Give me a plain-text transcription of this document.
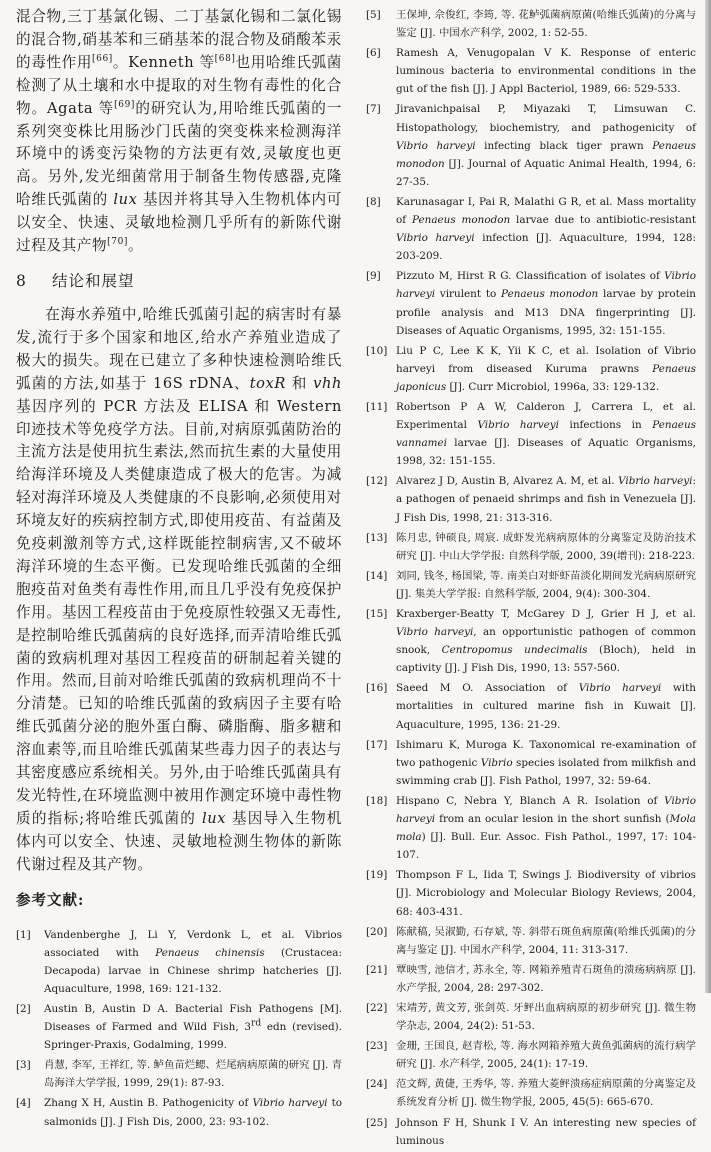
混合物,三丁基氯化锡、二丁基氯化锡和二氯化锡的混合物,硝基苯和三硝基苯的混合物及硝酸苯汞的毒性作用[66]。Kenneth 等[68]也用哈维氏弧菌检测了从土壤和水中提取的对生物有毒性的化合物。Agata 等[69]的研究认为,用哈维氏弧菌的一系列突变株比用肠沙门氏菌的突变株来检测海洋环境中的诱变污染物的方法更有效,灵敏度也更高。另外,发光细菌常用于制备生物传感器,克隆哈维氏弧菌的 lux 基因并将其导入生物机体内可以安全、快速、灵敏地检测几乎所有的新陈代谢过程及其产物[70]。

8 结论和展望

在海水养殖中,哈维氏弧菌引起的病害时有暴发,流行于多个国家和地区,给水产养殖业造成了极大的损失。现在已建立了多种快速检测哈维氏弧菌的方法,如基于 16S rDNA、toxR 和 vhh 基因序列的 PCR 方法及 ELISA 和 Western 印迹技术等免疫学方法。目前,对病原弧菌防治的主流方法是使用抗生素法,然而抗生素的大量使用给海洋环境及人类健康造成了极大的危害。为减轻对海洋环境及人类健康的不良影响,必须使用对环境友好的疾病控制方式,即使用疫苗、有益菌及免疫刺激剂等方式,这样既能控制病害,又不破坏海洋环境的生态平衡。已发现哈维氏弧菌的全细胞疫苗对鱼类有毒性作用,而且几乎没有免疫保护作用。基因工程疫苗由于免疫原性较强又无毒性,是控制哈维氏弧菌病的良好选择,而弄清哈维氏弧菌的致病机理对基因工程疫苗的研制起着关键的作用。然而,目前对哈维氏弧菌的致病机理尚不十分清楚。已知的哈维氏弧菌的致病因子主要有哈维氏弧菌分泌的胞外蛋白酶、磷脂酶、脂多糖和溶血素等,而且哈维氏弧菌某些毒力因子的表达与其密度感应系统相关。另外,由于哈维氏弧菌具有发光特性,在环境监测中被用作测定环境中毒性物质的指标;将哈维氏弧菌的 lux 基因导入生物机体内可以安全、快速、灵敏地检测生物体的新陈代谢过程及其产物。

参考文献:
[1]	Vandenberghe J, Li Y, Verdonk L, et al. Vibrios associated with Penaeus chinensis (Crustacea: Decapoda) larvae in Chinese shrimp hatcheries [J]. Aquaculture, 1998, 169: 121-132.
[2]	Austin B, Austin D A. Bacterial Fish Pathogens [M]. Diseases of Farmed and Wild Fish, 3rd edn (revised). Springer-Praxis, Godalming, 1999.
[3]	肖慧, 李军, 王祥红, 等. 鲈鱼苗烂鳃、烂尾病病原菌的研究 [J]. 青岛海洋大学学报, 1999, 29(1): 87-93.
[4]	Zhang X H, Austin B. Pathogenicity of Vibrio harveyi to salmonids [J]. J Fish Dis, 2000, 23: 93-102.
[5]	王保坤, 佘俊红, 李筠, 等. 花鲈弧菌病原菌(哈维氏弧菌)的分离与鉴定 [J]. 中国水产科学, 2002, 1: 52-55.
[6]	Ramesh A, Venugopalan V K. Response of enteric luminous bacteria to environmental conditions in the gut of the fish [J]. J Appl Bacteriol, 1989, 66: 529-533.
[7]	Jiravanichpaisal P, Miyazaki T, Limsuwan C. Histopathology, biochemistry, and pathogenicity of Vibrio harveyi infecting black tiger prawn Penaeus monodon [J]. Journal of Aquatic Animal Health, 1994, 6: 27-35.
[8]	Karunasagar I, Pai R, Malathi G R, et al. Mass mortality of Penaeus monodon larvae due to antibiotic-resistant Vibrio harveyi infection [J]. Aquaculture, 1994, 128: 203-209.
[9]	Pizzuto M, Hirst R G. Classification of isolates of Vibrio harveyi virulent to Penaeus monodon larvae by protein profile analysis and M13 DNA fingerprinting [J]. Diseases of Aquatic Organisms, 1995, 32: 151-155.
[10] Liu P C, Lee K K, Yii K C, et al. Isolation of Vibrio harveyi from diseased Kuruma prawns Penaeus japonicus [J]. Curr Microbiol, 1996a, 33: 129-132.
[11] Robertson P A W, Calderon J, Carrera L, et al. Experimental Vibrio harveyi infections in Penaeus vannamei larvae [J]. Diseases of Aquatic Organisms, 1998, 32: 151-155.
[12] Alvarez J D, Austin B, Alvarez A. M, et al. Vibrio harveyi: a pathogen of penaeid shrimps and fish in Venezuela [J]. J Fish Dis, 1998, 21: 313-316.
[13] 陈月忠, 钟硕良, 周宸. 成虾发光病病原体的分离鉴定及防治技术研究 [J]. 中山大学学报: 自然科学版, 2000, 39(增刊): 218-223.
[14] 刘同, 钱冬, 杨国梁, 等. 南美白对虾虾苗淡化期间发光病病原研究 [J]. 集美大学学报: 自然科学版, 2004, 9(4): 300-304.
[15] Kraxberger-Beatty T, McGarey D J, Grier H J, et al. Vibrio harveyi, an opportunistic pathogen of common snook, Centropomus undecimalis (Bloch), held in captivity [J]. J Fish Dis, 1990, 13: 557-560.
[16] Saeed M O. Association of Vibrio harveyi with mortalities in cultured marine fish in Kuwait [J]. Aquaculture, 1995, 136: 21-29.
[17] Ishimaru K, Muroga K. Taxonomical re-examination of two pathogenic Vibrio species isolated from milkfish and swimming crab [J]. Fish Pathol, 1997, 32: 59-64.
[18] Hispano C, Nebra Y, Blanch A R. Isolation of Vibrio harveyi from an ocular lesion in the short sunfish (Mola mola) [J]. Bull. Eur. Assoc. Fish Pathol., 1997, 17: 104-107.
[19] Thompson F L, Iida T, Swings J. Biodiversity of vibrios [J]. Microbiology and Molecular Biology Reviews, 2004, 68: 403-431.
[20] 陈献稿, 吴淑勤, 石存斌, 等. 斜带石斑鱼病原菌(哈维氏弧菌)的分离与鉴定 [J]. 中国水产科学, 2004, 11: 313-317.
[21] 覃映雪, 池信才, 苏永全, 等. 网箱养殖青石斑鱼的溃疡病病原 [J]. 水产学报, 2004, 28: 297-302.
[22] 宋靖芳, 黄文芳, 张剑英. 牙鲆出血病病原的初步研究 [J]. 微生物学杂志, 2004, 24(2): 51-53.
[23] 金珊, 王国良, 赵青松, 等. 海水网箱养殖大黄鱼弧菌病的流行病学研究 [J]. 水产科学, 2005, 24(1): 17-19.
[24] 范文辉, 黄倢, 王秀华, 等. 养殖大菱鲆溃疡症病原菌的分离鉴定及系统发育分析 [J]. 微生物学报, 2005, 45(5): 665-670.
[25] Johnson F H, Shunk I V. An interesting new species of luminous
